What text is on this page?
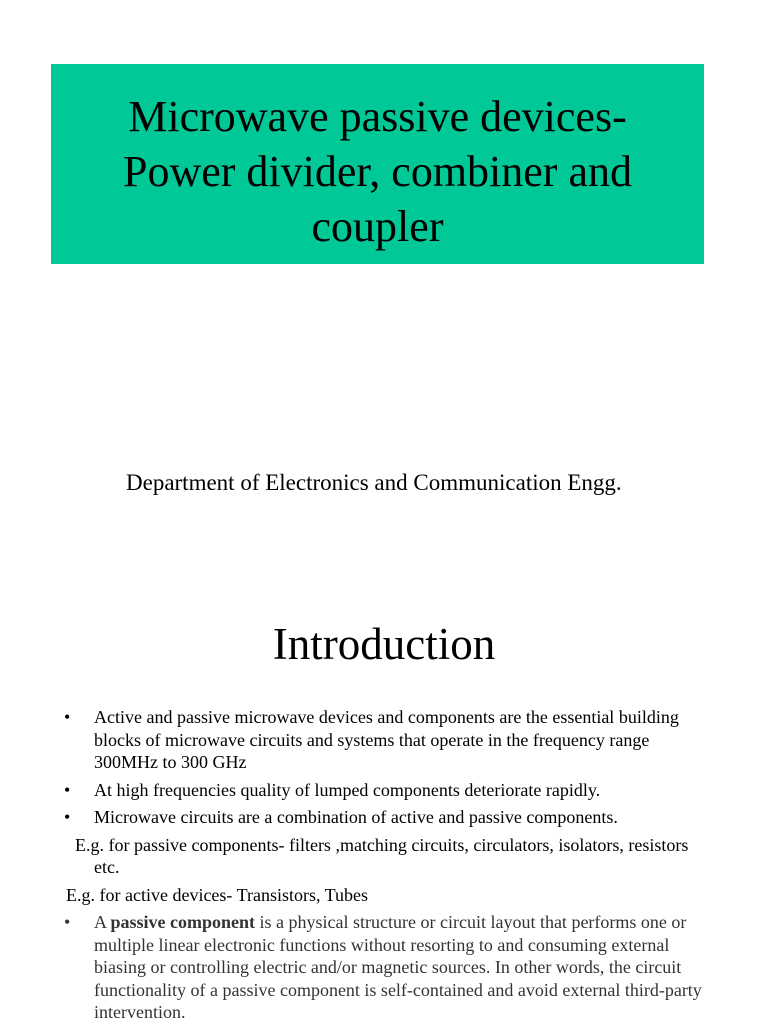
Microwave passive devices-
Power divider, combiner and
coupler
Department of Electronics and Communication Engg.
Introduction
• Active and passive microwave devices and components are the essential building blocks of microwave circuits and systems that operate in the frequency range 300MHz to 300 GHz
• At high frequencies quality of lumped components deteriorate rapidly.
• Microwave circuits are a combination of active and passive components.
E.g. for passive components- filters ,matching circuits, circulators, isolators, resistors etc.
E.g. for active devices- Transistors, Tubes
• A passive component is a physical structure or circuit layout that performs one or multiple linear electronic functions without resorting to and consuming external biasing or controlling electric and/or magnetic sources. In other words, the circuit functionality of a passive component is self-contained and avoid external third-party intervention.
